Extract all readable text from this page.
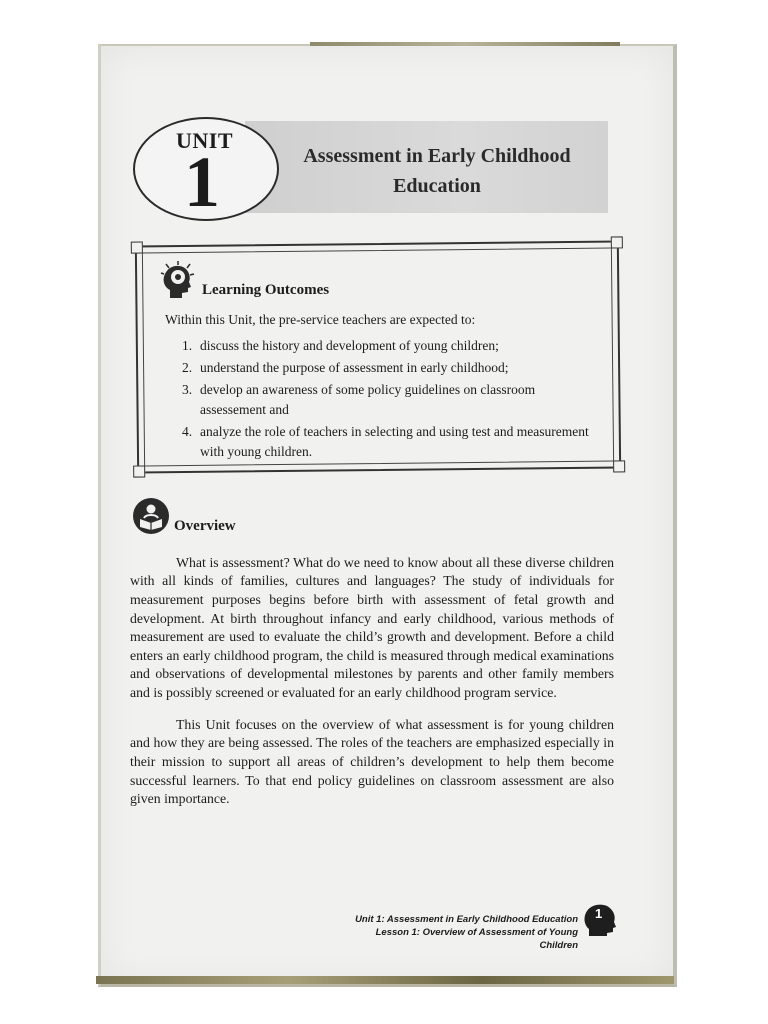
UNIT
1	Assessment in Early Childhood
Education
Learning Outcomes
Within this Unit, the pre-service teachers are expected to:
1. discuss the history and development of young children;
2. understand the purpose of assessment in early childhood;
3. develop an awareness of some policy guidelines on classroom assessement and
4. analyze the role of teachers in selecting and using test and measurement with young children.
Overview

What is assessment? What do we need to know about all these diverse children with all kinds of families, cultures and languages? The study of individuals for measurement purposes begins before birth with assessment of fetal growth and development. At birth throughout infancy and early childhood, various methods of measurement are used to evaluate the child’s growth and development. Before a child enters an early childhood program, the child is measured through medical examinations and observations of developmental milestones by parents and other family members and is possibly screened or evaluated for an early childhood program service.

This Unit focuses on the overview of what assessment is for young children and how they are being assessed. The roles of the teachers are emphasized especially in their mission to support all areas of children’s development to help them become successful learners. To that end policy guidelines on classroom assessment are also given importance.

Unit 1: Assessment in Early Childhood Education
Lesson 1: Overview of Assessment of Young Children
1
